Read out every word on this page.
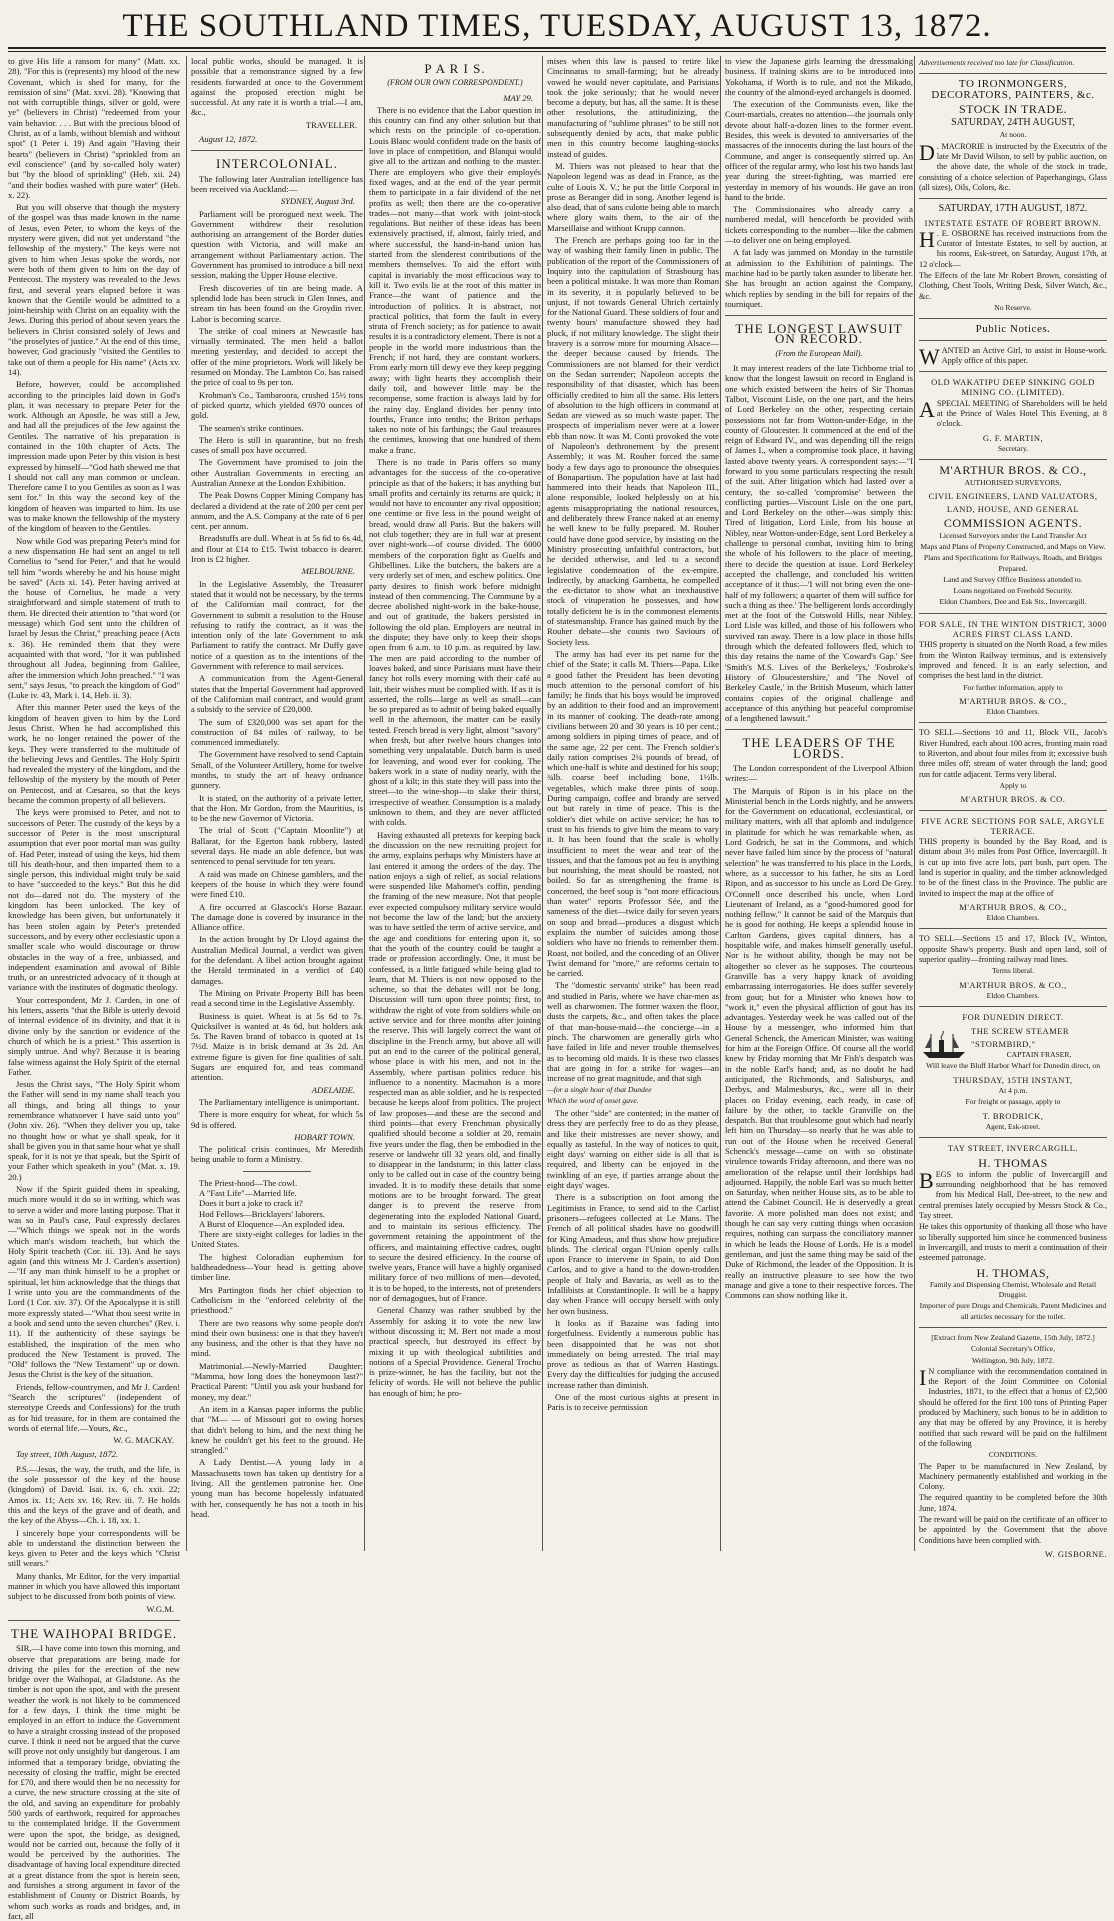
THE SOUTHLAND TIMES, TUESDAY, AUGUST 13, 1872.

to give His life a ransom for many" (Matt. xx. 28). "For this is (represents) my blood of the new Covenant, which is shed for many, for the remission of sins" (Mat. xxvi. 28). "Knowing that not with corruptible things, silver or gold, were ye" (believers in Christ) "redeemed from your vain behavior. . . . But with the precious blood of Christ, as of a lamb, without blemish and without spot" (1 Peter i. 19) And again "Having their hearts" (believers in Christ) "sprinkled from an evil conscience" (and by so-called holy water) but "by the blood of sprinkling" (Heb. xii. 24) "and their bodies washed with pure water" (Heb. x. 22).

But you will observe that though the mystery of the gospel was thus made known in the name of Jesus, even Peter, to whom the keys of the mystery were given, did not yet understand "the fellowship of the mystery." The keys were not given to him when Jesus spoke the words, nor were both of them given to him on the day of Pentecost. The mystery was revealed to the Jews first, and several years elapsed before it was known that the Gentile would be admitted to a joint-heirship with Christ on an equality with the Jews. During this period of about seven years the believers in Christ consisted solely of Jews and "the proselytes of justice." At the end of this time, however, God graciously "visited the Gentiles to take out of them a people for His name" (Acts xv. 14).

Before, however, could be accomplished according to the principles laid down in God's plan, it was necessary to prepare Peter for the work. Although an Apostle, he was still a Jew, and had all the prejudices of the Jew against the Gentiles. The narrative of his preparation is contained in the 10th chapter of Acts. The impression made upon Peter by this vision is best expressed by himself—"God hath shewed me that I should not call any man common or unclean. Therefore came I to you Gentiles as soon as I was sent for." In this way the second key of the kingdom of heaven was imparted to him. Its use was to make known the fellowship of the mystery of the kingdom of heaven to the Gentiles.

Now while God was preparing Peter's mind for a new dispensation He had sent an angel to tell Cornelius to "send for Peter," and that he would tell him "words whereby he and his house might be saved" (Acts xi. 14). Peter having arrived at the house of Cornelius, he made a very straightforward and simple statement of truth to them. He directed their attention to "that word (or message) which God sent unto the children of Israel by Jesus the Christ," preaching peace (Acts x. 36). He reminded them that they were acquainted with that word, "for it was published throughout all Judea, beginning from Galilee, after the immersion which John preached." "I was sent," says Jesus, "to preach the kingdom of God" (Luke iv. 43, Mark i. 14, Heb. ii. 3).

After this manner Peter used the keys of the kingdom of heaven given to him by the Lord Jesus Christ. When he had accomplished this work, he no longer retained the power of the keys. They were transferred to the multitude of the believing Jews and Gentiles. The Holy Spirit had revealed the mystery of the kingdom, and the fellowship of the mystery by the mouth of Peter on Pentecost, and at Cæsarea, so that the keys became the common property of all believers.

The keys were promised to Peter, and not to successors of Peter. The custody of the keys by a successor of Peter is the most unscriptural assumption that ever poor mortal man was guilty of. Had Peter, instead of using the keys, hid them till his death-hour, and then imparted them to a single person, this individual might truly be said to have "succeeded to the keys." But this he did not do—dared not do. The mystery of the kingdom has been unlocked. The key of knowledge has been given, but unfortunately it has been stolen again by Peter's pretended successors, and by every other ecclesiastic upon a smaller scale who would discourage or throw obstacles in the way of a free, unbiassed, and independent examination and avowal of Bible truth, or an unrestricted advocacy of it though at variance with the institutes of dogmatic theology.

Your correspondent, Mr J. Carden, in one of his letters, asserts "that the Bible is utterly devoid of internal evidence of its divinity, and that it is divine only by the sanction or evidence of the church of which he is a priest." This assertion is simply untrue. And why? Because it is bearing false witness against the Holy Spirit of the eternal Father.

Jesus the Christ says, "The Holy Spirit whom the Father will send in my name shall teach you all things, and bring all things to your remembrance whatsoever I have said unto you" (John xiv. 26). "When they deliver you up, take no thought how or what ye shall speak, for it shall be given you in that same hour what ye shall speak, for it is not ye that speak, but the Spirit of your Father which speaketh in you" (Mat. x. 19. 20.)

Now if the Spirit guided them in speaking, much more would it do so in writing, which was to serve a wider and more lasting purpose. That it was so in Paul's case, Paul expressly declares—"Which things we speak not in the words which man's wisdom teacheth, but which the Holy Spirit teacheth (Cor. iii. 13). And he says again (and this witness Mr J. Carden's assertion)—"If any man think himself to be a prophet or spiritual, let him acknowledge that the things that I write unto you are the commandments of the Lord (1 Cor. xiv. 37). Of the Apocalypse it is still more expressly stated—"What thou seest write in a book and send unto the seven churches" (Rev. i. 11). If the authenticity of these sayings be established, the inspiration of the men who produced the New Testament is proved. The "Old" follows the "New Testament" up or down. Jesus the Christ is the key of the situation.

Friends, fellow-countrymen, and Mr J. Carden! "Search the scriptures" (independent of stereotype Creeds and Confessions) for the truth as for hid treasure, for in them are contained the words of eternal life.—Yours, &c.,

W. G. MACKAY.
Tay street, 10th August, 1872.

P.S.—Jesus, the way, the truth, and the life, is the sole possessor of the key of the house (kingdom) of David. Isai. ix. 6, ch. xxii. 22; Amos ix. 11; Acts xv. 16; Rev. iii. 7. He holds this and the keys of the grave and of death, and the key of the Abyss—Ch. i. 18, xx. 1.

I sincerely hope your correspondents will be able to understand the distinction between the keys given to Peter and the keys which "Christ still wears."

Many thanks, Mr Editor, for the very impartial manner in which you have allowed this important subject to be discussed from both points of view.

W.G.M.
THE WAIHOPAI BRIDGE.

SIR,—I have come into town this morning, and observe that preparations are being made for driving the piles for the erection of the new bridge over the Waihopai, at Gladstone. As the timber is not upon the spot, and with the present weather the work is not likely to be commenced for a few days, I think the time might be employed in an effort to induce the Government to have a straight crossing instead of the proposed curve. I think it need not be argued that the curve will prove not only unsightly but dangerous. I am informed that a temporary bridge, obviating the necessity of closing the traffic, might be erected for £70, and there would then be no necessity for a curve, the new structure crossing at the site of the old, and saving an expenditure for probably 500 yards of earthwork, required for approaches to the contemplated bridge. If the Government were upon the spot, the bridge, as designed, would not be carried out, because the folly of it would be perceived by the authorities. The disadvantage of having local expenditure directed at a great distance from the spot is herein seen, and furnishes a strong argument in favor of the establishment of County or District Boards, by whom such works as roads and bridges, and, in fact, all

local public works, should be managed. It is possible that a remonstrance signed by a few residents forwarded at once to the Government against the proposed erection might be successful. At any rate it is worth a trial.—I am, &c.,

TRAVELLER.
August 12, 1872.
INTERCOLONIAL.

The following later Australian intelligence has been received via Auckland:—

SYDNEY, August 3rd.

Parliament will be prorogued next week. The Government withdrew their resolution authorising an arrangement of the Border duties question with Victoria, and will make an arrangement without Parliamentary action. The Government has promised to introduce a bill next session, making the Upper House elective.

Fresh discoveries of tin are being made. A splendid lode has been struck in Glen Innes, and stream tin has been found on the Groydin river. Labor is becoming scarce.

The strike of coal miners at Newcastle has virtually terminated. The men held a ballot meeting yesterday, and decided to accept the offer of the mine proprietors. Work will likely be resumed on Monday. The Lambton Co. has raised the price of coal to 9s per ton.

Krohman's Co., Tambaroora, crushed 15½ tons of picked quartz, which yielded 6970 ounces of gold.

The seamen's strike continues.

The Hero is still in quarantine, but no fresh cases of small pox have occurred.

The Government have promised to join the other Australian Governments in erecting an Australian Annexe at the London Exhibition.

The Peak Downs Copper Mining Company has declared a dividend at the rate of 200 per cent per annum, and the A.S. Company at the rate of 6 per cent. per annum.

Breadstuffs are dull. Wheat is at 5s 6d to 6s 4d, and flour at £14 to £15. Twist tobacco is dearer. Iron is £2 higher.

MELBOURNE.

In the Legislative Assembly, the Treasurer stated that it would not be necessary, by the terms of the Californian mail contract, for the Government to submit a resolution to the House refusing to ratify the contract, as it was the intention only of the late Government to ask Parliament to ratify the contract. Mr Duffy gave notice of a question as to the intentions of the Government with reference to mail services.

A communication from the Agent-General states that the Imperial Government had approved of the Californian mail contract, and would grant a subsidy to the service of £20,000.

The sum of £320,000 was set apart for the construction of 84 miles of railway, to be commenced immediately.

The Government have resolved to send Captain Small, of the Volunteer Artillery, home for twelve months, to study the art of heavy ordnance gunnery.

It is stated, on the authority of a private letter, that the Hon. Mr Gordon, from the Mauritius, is to be the new Governor of Victoria.

The trial of Scott ("Captain Moonlite") at Ballarat, for the Egerton bank robbery, lasted several days. He made an able defence, but was sentenced to penal servitude for ten years.

A raid was made on Chinese gamblers, and the keepers of the house in which they were found were fined £10.

A fire occurred at Glascock's Horse Bazaar. The damage done is covered by insurance in the Alliance office.

In the action brought by Dr Lloyd against the Australian Medical Journal, a verdict was given for the defendant. A libel action brought against the Herald terminated in a verdict of £40 damages.

The Mining on Private Property Bill has been read a second time in the Legislative Assembly.

Business is quiet. Wheat is at 5s 6d to 7s. Quicksilver is wanted at 4s 6d, but holders ask 5s. The Raven brand of tobacco is quoted at 1s 7½d. Maize is in brisk demand at 3s 2d. An extreme figure is given for fine qualities of salt. Sugars are enquired for, and teas command attention.

ADELAIDE.

The Parliamentary intelligence is unimportant.

There is more enquiry for wheat, for which 5s 9d is offered.

HOBART TOWN.

The political crisis continues, Mr Meredith being unable to form a Ministry.

The Priest-hood—The cowl.
A "Fast Life"—Married life.
Does it burt a joke to crack it?
Hod Fellows—Bricklayers' laborers.
A Burst of Eloquence—An exploded idea.

There are sixty-eight colleges for ladies in the United States.

The highest Coloradian euphemism for baldheadedness—Your head is getting above timber line.

Mrs Partington finds her chief objection to Catholicism in the "enforced celebrity of the priesthood."

There are two reasons why some people don't mind their own business: one is that they haven't any business, and the other is that they have no mind.

Matrimonial.—Newly-Married Daughter: "Mamma, how long does the honeymoon last?" Practical Parent: "Until you ask your husband for money, my dear."

An item in a Kansas paper informs the public that "M— — of Missouri got to owing horses that didn't belong to him, and the next thing he knew he couldn't get his feet to the ground. He strangled."

A Lady Dentist.—A young lady in a Massachusetts town has taken up dentistry for a living. All the gentlemen patronise her. One young man has become hopelessly infatuated with her, consequently he has not a tooth in his head.

P A R I S.
(FROM OUR OWN CORRESPONDENT.)
MAY 29.

There is no evidence that the Labor question in this country can find any other solution but that which rests on the principle of co-operation. Louis Blanc would confident trade on the basis of love in place of competition, and Blanqui would give all to the artizan and nothing to the master. There are employers who give their employés fixed wages, and at the end of the year permit them to participate in a fair dividend of the net profits as well; then there are the co-operative trades—not many—that work with joint-stock regulations. But neither of these ideas has been extensively practised, if, almost, fairly tried, and where successful, the hand-in-hand union has started from the slenderest contributions of the members themselves. To aid the effort with capital is invariably the most efficacious way to kill it. Two evils lie at the root of this matter in France—the want of patience and the introduction of politics. It is abstract, not practical politics, that form the fault in every strata of French society; as for patience to await results it is a contradictory element. There is not a people in the world more industrious than the French; if not hard, they are constant workers. From early morn till dewy eve they keep pegging away; with light hearts they accomplish their daily toil, and however little may be the recompense, some fraction is always laid by for the rainy day. England divides her penny into fourths, France into tenths; the Briton perhaps takes no note of his farthings; the Gaul treasures the centimes, knowing that one hundred of them make a franc.

There is no trade in Paris offers so many advantages for the success of the co-operative principle as that of the bakers; it has anything but small profits and certainly its returns are quick; it would not have to encounter any rival opposition; one centime or five less in the pound weight of bread, would draw all Paris. But the bakers will not club together; they are in full war at present over night-work—of course divided. The 6000 members of the corporation fight as Guelfs and Ghibellines. Like the butchers, the bakers are a very orderly set of men, and eschew politics. One party desires to finish work before midnight instead of then commencing. The Commune by a decree abolished night-work in the bake-house, and out of gratitude, the bakers persisted in following the old plan. Employers are neutral in the dispute; they have only to keep their shops open from 6 a.m. to 10 p.m. as required by law. The men are paid according to the number of loaves baked, and since Parisians must have their fancy hot rolls every morning with their café au lait, their wishes must be complied with. If as it is asserted, the rolls—large as well as small—can be so prepared as to admit of being baked equally well in the afternoon, the matter can be easily tested. French bread is very light, almost "savory" when fresh, but after twelve hours changes into something very unpalatable. Dutch barm is used for leavening, and wood ever for cooking. The bakers work in a state of nudity nearly, with the ghost of a kilt; in this state they will pass into the street—to the wine-shop—to slake their thirst, irrespective of weather. Consumption is a malady unknown to them, and they are never afflicted with colds.

Having exhausted all pretexts for keeping back the discussion on the new recruiting project for the army, explains perhaps why Ministers have at last entered it among the orders of the day. The nation enjoys a sigh of relief, as social relations were suspended like Mahomet's coffin, pending the framing of the new measure. Not that people ever expected compulsory military service would not become the law of the land; but the anxiety was to have settled the term of active service, and the age and conditions for entering upon it, so that the youth of the country could be taught a trade or profession accordingly. One, it must be confessed, is a little fatigued while being glad to learn, that M. Thiers is not now opposed to the scheme, so that the debates will not be long. Discussion will turn upon three points; first, to withdraw the right of vote from soldiers while on active service and for three months after joining the reserve. This will largely correct the want of discipline in the French army, but above all will put an end to the career of the political general, whose place is with his men, and not in the Assembly, where partisan politics reduce his influence to a nonentity. Macmahon is a more respected man as able soldier, and he is respected because he keeps aloof from politics. The project of law proposes—and these are the second and third points—that every Frenchman physically qualified should become a soldier at 20, remain five years under the flag, then be embodied in the reserve or landwehr till 32 years old, and finally to disappear in the landsturm; in this latter class only to be called out in case of the country being invaded. It is to modify these details that some motions are to be brought forward. The great danger is to prevent the reserve from degenerating into the exploded National Guard, and to maintain its serious efficiency. The government retaining the appointment of the officers, and maintaining effective cadres, ought to secure the desired efficiency. In the course of twelve years, France will have a highly organised military force of two millions of men—devoted, it is to be hoped, to the interests, not of pretenders nor of demagogues, but of France.

General Chanzy was rather snubbed by the Assembly for asking it to vote the new law without discussing it; M. Bert not made a most practical speech, but destroyed its effect by mixing it up with theological subtilities and notions of a Special Providence. General Trochu is prize-winner, he has the facility, but not the felicity of words. He will not believe the public has enough of him; he pro-

mises when this law is passed to retire like Cincinnatus to small-farming; but he already vowed he would never capitulate, and Parisians took the joke seriously; that he would never become a deputy, but has, all the same. It is these other resolutions, the attitudinizing, the manufacturing of "sublime phrases" to be still not subsequently denied by acts, that make public men in this country become laughing-stocks instead of guides.

M. Thiers was not pleased to hear that the Napoleon legend was as dead in France, as the culte of Louis X. V.; he put the little Corporal in prose as Beranger did in song. Another legend is also dead, that of sans culotte being able to march where glory waits them, to the air of the Marseillaise and without Krupp cannon.

The French are perhaps going too far in the way of washing their family linen in public. The publication of the report of the Commissioners of Inquiry into the capitulation of Strasbourg has been a political mistake. It was more than Roman in its severity, it is popularly believed to be unjust, if not towards General Uhrich certainly for the National Guard. These soldiers of four and twenty hours' manufacture showed they had pluck, if not military knowledge. The slight their bravery is a sorrow more for mourning Alsace—the deeper because caused by friends. The Commissioners are not blamed for their verdict on the Sedan surrender; Napoleon accepts the responsibility of that disaster, which has been officially credited to him all the same. His letters of absolution to the high officers in command at Sedan are viewed as so much waste paper. The prospects of imperialism never were at a lower ebb than now. It was M. Conti provoked the vote of Napoleon's dethronement by the present Assembly; it was M. Rouher forced the same body a few days ago to pronounce the obsequies of Bonapartism. The population have at last had hammered into their heads that Napoleon III., alone responsible, looked helplessly on at his agents misappropriating the national resources, and deliberately threw France naked at an enemy he well knew to be fully prepared. M. Rouher could have done good service, by insisting on the Ministry prosecuting unfaithful contractors, but he decided otherwise, and led to a second legislative condemnation of the ex-empire. Indirectly, by attacking Gambetta, he compelled the ex-dictator to show what an inexhaustive stock of vituperation he possesses, and how totally deficient he is in the commonest elements of statesmanship. France has gained much by the Rouher debate—she counts two Saviours of Society less.

The army has had ever its pet name for the chief of the State; it calls M. Thiers—Papa. Like a good father the President has been devoting much attention to the personal comfort of his family; he finds that his boys would be improved by an addition to their food and an improvement in its manner of cooking. The death-rate among civilians between 20 and 30 years is 10 per cent.; among soldiers in piping times of peace, and of the same age, 22 per cent. The French soldier's daily ration comprises 2¼ pounds of bread, of which one-half is white and destined for his soup; ¾lb. coarse beef including bone, 1½lb. vegetables, which make three pints of soup. During campaign, coffee and brandy are served out but rarely in time of peace. This is the soldier's diet while on active service; he has to trust to his friends to give him the means to vary it. It has been found that the scale is wholly insufficient to meet the wear and tear of the tissues, and that the famous pot au feu is anything but nourishing, the meat should be roasted, not boiled. So far as strengthening the frame is concerned, the beef soup is "not more efficacious than water" reports Professor Sée, and the sameness of the diet—twice daily for seven years on soup and bread—produces a disgust which explains the number of suicides among those soldiers who have no friends to remember them. Roast, not boiled, and the conceding of an Oliver Twist demand for "more," are reforms certain to be carried.

The "domestic servants' strike" has been read and studied in Paris, where we have char-men as well as charwomen. The former waxen the floor, dusts the carpets, &c., and often takes the place of that man-house-maid—the concierge—in a pinch. The charwomen are generally girls who have failed in life and never trouble themselves as to becoming old maids. It is these two classes that are going in for a strike for wages—an increase of no great magnitude, and that sigh

—for a single hour of that Dundee
Which the word of onset gave.

The other "side" are contented; in the matter of dress they are perfectly free to do as they please, and like their mistresses are never showy, and equally as tasteful. In the way of notices to quit, eight days' warning on either side is all that is required, and liberty can be enjoyed in the twinkling of an eye, if parties arrange about the eight days' wages.

There is a subscription on foot among the Legitimists in France, to send aid to the Carlist prisoners—refugees collected at Le Mans. The French of all political shades have no goodwill for King Amadeus, and thus show how prejudice blinds. The clerical organ l'Union openly calls upon France to intervene in Spain, to aid Don Carlos, and to give a hand to the down-trodden people of Italy and Bavaria, as well as to the Infallibists at Constantinople. It will be a happy day when France will occupy herself with only her own business.

It looks as if Bazaine was fading into forgetfulness. Evidently a numerous public has been disappointed that he was not shot immediately on being arrested. The trial may prove as tedious as that of Warren Hastings. Every day the difficulties for judging the accused increase rather than diminish.

One of the most curious sights at present in Paris is to receive permission

to view the Japanese girls learning the dressmaking business. If training skirts are to be introduced into Yokohama, if Worth is to rule, and not the Mikado, the country of the almond-eyed archangels is doomed.

The execution of the Communists even, like the Court-martials, creates no attention—the journals only devote about half-a-dozen lines to the former event. Besides, this week is devoted to anniversaries of the massacres of the innocents during the last hours of the Commune, and anger is consequently stirred up. An officer of the regular army, who lost his two hands last year during the street-fighting, was married ere yesterday in memory of his wounds. He gave an iron hand to the bride.

The Commissionaires who already carry a numbered medal, will henceforth be provided with tickets corresponding to the number—like the cabmen—to deliver one on being employed.

A fat lady was jammed on Monday in the turnstile at admission to the Exhibition of paintings. The machine had to be partly taken asunder to liberate her. She has brought an action against the Company, which replies by sending in the bill for repairs of the tourniquet.

THE LONGEST LAWSUIT ON RECORD.
(From the European Mail).

It may interest readers of the late Tichborne trial to know that the longest lawsuit on record in England is one which existed between the heirs of Sir Thomas Talbot, Viscount Lisle, on the one part, and the heirs of Lord Berkeley on the other, respecting certain possessions not far from Wotton-under-Edge, in the county of Gloucester. It commenced at the end of the reign of Edward IV., and was depending till the reign of James I., when a compromise took place, it having lasted above twenty years. A correspondent says:—"I forward to you some particulars respecting the result of the suit. After litigation which had lasted over a century, the so-called 'compromise' between the conflicting parties—Viscount Lisle on the one part, and Lord Berkeley on the other—was simply this: Tired of litigation, Lord Lisle, from his house at Nibley, near Wotton-under-Edge, sent Lord Berkeley a challenge to personal combat, inviting him to bring the whole of his followers to the place of meeting, there to decide the question at issue. Lord Berkeley accepted the challenge, and concluded his written acceptance of it thus:—'I will not bring even the one-half of my followers; a quarter of them will suffice for such a thing as thee.' The belligerent lords accordingly met at the foot of the Cotswold Hills, near Nibley. Lord Lisle was killed, and those of his followers who survived ran away. There is a low place in those hills through which the defeated followers fled, which to this day retains the name of the 'Coward's Gap.' See 'Smith's M.S. Lives of the Berkeleys,' 'Fosbroke's History of Gloucestershire,' and 'The Novel of Berkeley Castle,' in the British Museum, which latter contains copies of the original challenge and acceptance of this anything but peaceful compromise of a lengthened lawsuit."

THE LEADERS OF THE LORDS.

The London correspondent of the Liverpool Albion writes:—

The Marquis of Ripon is in his place on the Ministerial bench in the Lords nightly, and he answers for the Government on educational, ecclesiastical, or military matters, with all that aplomb and indulgence in platitude for which he was remarkable when, as Lord Godrich, he sat in the Commons, and which never have failed him since by the process of "natural selection" he was transferred to his place in the Lords, where, as a successor to his father, he sits as Lord Ripon, and as successor to his uncle as Lord De Grey. O'Connell once described his uncle, when Lord Lieutenant of Ireland, as a "good-humored good for nothing fellow." It cannot be said of the Marquis that he is good for nothing. He keeps a splendid house in Carlton Gardens, gives capital dinners, has a hospitable wife, and makes himself generally useful. Nor is he without ability, though he may not be altogether so clever as he supposes. The courteous Granville has a very happy knack of avoiding embarrassing interrogatories. He does suffer severely from gout; but for a Minister who knows how to "work it," even the physical affliction of gout has its advantages. Yesterday week he was called out of the House by a messenger, who informed him that General Schenck, the American Minister, was waiting for him at the Foreign Office. Of course all the world knew by Friday morning that Mr Fish's despatch was in the noble Earl's hand; and, as no doubt he had anticipated, the Richmonds, and Salisburys, and Derbys, and Malmesburys, &c., were all in their places on Friday evening, each ready, in case of failure by the other, to tackle Granville on the despatch. But that troublesome gout which had nearly left him on Thursday—so nearly that he was able to run out of the House when he received General Schenck's message—came on with so obstinate virulence towards Friday afternoon, and there was no amelioration of the relapse until their lordships had adjourned. Happily, the noble Earl was so much better on Saturday, when neither House sits, as to be able to attend the Cabinet Council. He is deservedly a great favorite. A more polished man does not exist; and though he can say very cutting things when occasion requires, nothing can surpass the conciliatory manner in which he leads the House of Lords. He is a model gentleman, and just the same thing may be said of the Duke of Richmond, the leader of the Opposition. It is really an instructive pleasure to see how the two manage and give a tone to their respective forces. The Commons can show nothing like it.

Advertisements received too late for Classification.
TO IRONMONGERS, DECORATORS, PAINTERS, &c.
STOCK IN TRADE.
SATURDAY, 24TH AUGUST,
At noon.
D . MACRORIE is instructed by the Executrix of the late Mr David Wilson, to sell by public auction, on the above date, the whole of the stock in trade, consisting of a choice selection of Paperhangings, Glass (all sizes), Oils, Colors, &c.
SATURDAY, 17TH AUGUST, 1872.
INTESTATE ESTATE OF ROBERT BROWN.
H . E. OSBORNE has received instructions from the Curator of Intestate Estates, to sell by auction, at his rooms, Esk-street, on Saturday, August 17th, at 12 o'clock—
The Effects of the late Mr Robert Brown, consisting of Clothing, Chest Tools, Writing Desk, Silver Watch, &c., &c.
No Reserve.
Public Notices.
WANTED an Active Girl, to assist in House-work. Apply office of this paper.
OLD WAKATIPU DEEP SINKING GOLD MINING CO. (LIMITED).
ASPECIAL MEETING of Shareholders will be held at the Prince of Wales Hotel This Evening, at 8 o'clock.
G. F. MARTIN,
Secretary.
M'ARTHUR BROS. & CO.,
AUTHORISED SURVEYORS,
CIVIL ENGINEERS, LAND VALUATORS,
LAND, HOUSE, AND GENERAL
COMMISSION AGENTS.
Licensed Surveyors under the Land Transfer Act
Maps and Plans of Property Constructed, and Maps on View.
Plans and Specifications for Railways, Roads, and Bridges Prepared.
Land and Survey Office Business attended to.
Loans negotiated on Freehold Security.
Eldon Chambers, Dee and Esk Sts., Invercargill.
FOR SALE, IN THE WINTON DISTRICT, 3000 ACRES FIRST CLASS LAND.
THIS property is situated on the North Road, a few miles from the Winton Railway terminus, and is extensively improved and fenced. It is an early selection, and comprises the best land in the district.
For further information, apply to
M'ARTHUR BROS. & CO.,
Eldon Chambers.
TO SELL—Sections 10 and 11, Block VII., Jacob's River Hundred, each about 100 acres, fronting main road to Riverton, and about four miles from it; excessive bush three miles off; stream of water through the land; good run for cattle adjacent. Terms very liberal.
Apply to
M'ARTHUR BROS. & CO.
FIVE ACRE SECTIONS FOR SALE, ARGYLE TERRACE.
THIS property is bounded by the Bay Road, and is distant about 3½ miles from Post Office, Invercargill. It is cut up into five acre lots, part bush, part open. The land is superior in quality, and the timber acknowledged to be of the finest class in the Province. The public are invited to inspect the map at the office of
M'ARTHUR BROS. & CO.,
Eldon Chambers.
TO SELL—Sections 15 and 17, Block IV., Winton, opposite Shaw's property. Bush and open land, soil of superior quality—fronting railway road lines.
Terms liberal.
M'ARTHUR BROS. & CO.,
Eldon Chambers.
FOR DUNEDIN DIRECT.
THE SCREW STEAMER
"STORMBIRD,"
CAPTAIN FRASER,
Will leave the Bluff Harbor Wharf for Dunedin direct, on
THURSDAY, 15TH INSTANT,
At 4 p.m.
For freight or passage, apply to
T. BRODRICK,
Agent, Esk-street.
TAY STREET, INVERCARGILL.
H. THOMAS
BEGS to inform the public of Invercargill and surrounding neighborhood that he has removed from his Medical Hall, Dee-street, to the new and central premises lately occupied by Messrs Stock & Co., Tay street.
He takes this opportunity of thanking all those who have so liberally supported him since he commenced business in Invercargill, and trusts to merit a continuation of their esteemed patronage.
H. THOMAS,
Family and Dispensing Chemist, Wholesale and Retail Druggist.
Importer of pure Drugs and Chemicals, Patent Medicines and all articles necessary for the toilet.
[Extract from New Zealand Gazette, 15th July, 1872.]
Colonial Secretary's Office,
Wellington, 9th July, 1872.
I N compliance with the recommendation contained in the Report of the Joint Committee on Colonial Industries, 1871, to the effect that a bonus of £2,500 should be offered for the first 100 tons of Printing Paper produced by Machinery, such bonus to be in addition to any that may be offered by any Province, it is hereby notified that such reward will be paid on the fulfilment of the following
CONDITIONS.
The Paper to be manufactured in New Zealand, by Machinery permanently established and working in the Colony.
The required quantity to be completed before the 30th June, 1874.
The reward will be paid on the certificate of an officer to be appointed by the Government that the above Conditions have been complied with.
W. GISBORNE.
